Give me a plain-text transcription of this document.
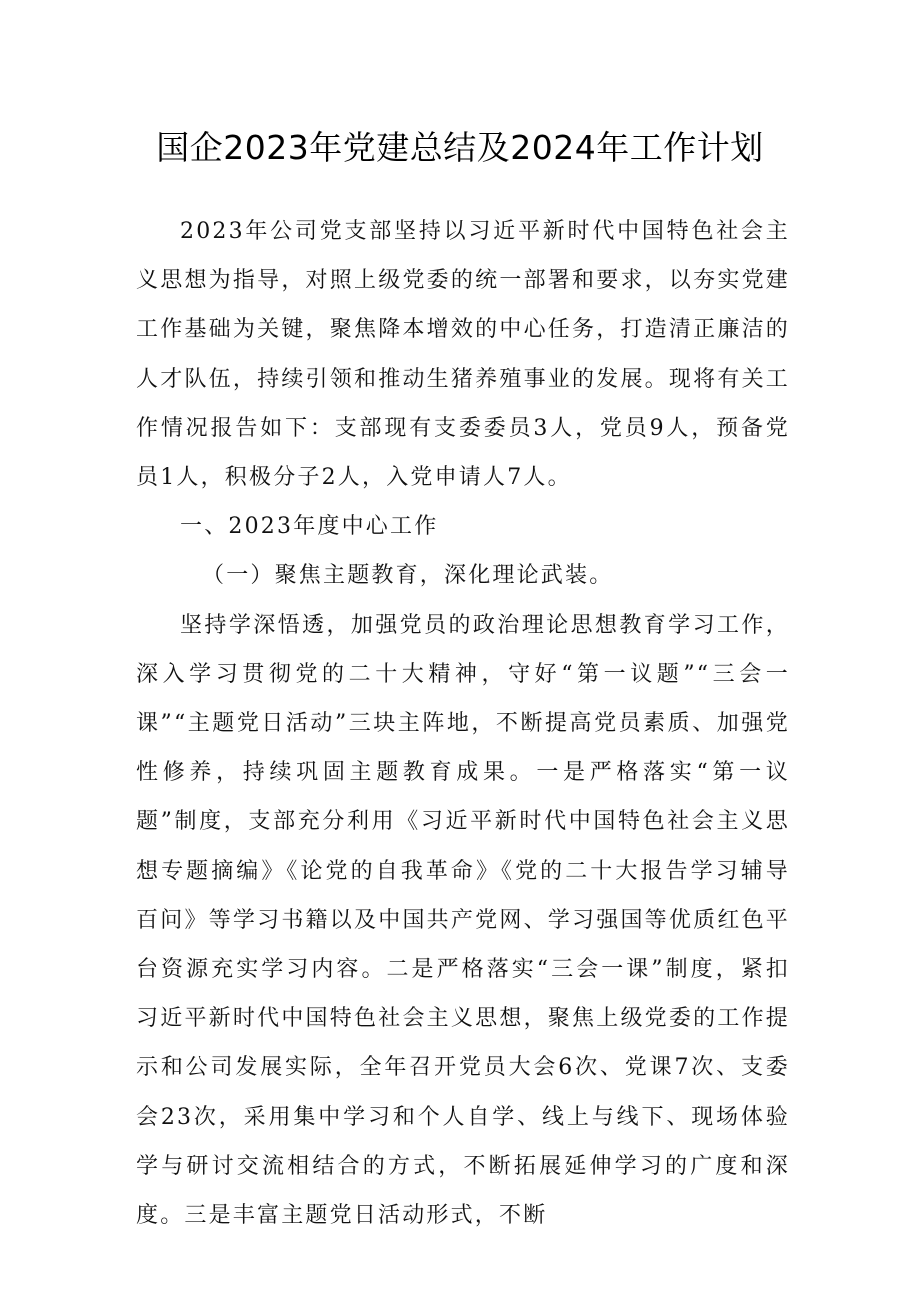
国企2023年党建总结及2024年工作计划

2023年公司党支部坚持以习近平新时代中国特色社会主义思想为指导，对照上级党委的统一部署和要求，以夯实党建工作基础为关键，聚焦降本增效的中心任务，打造清正廉洁的人才队伍，持续引领和推动生猪养殖事业的发展。现将有关工作情况报告如下：支部现有支委委员3人，党员9人，预备党员1人，积极分子2人，入党申请人7人。

一、2023年度中心工作

（一）聚焦主题教育，深化理论武装。

坚持学深悟透，加强党员的政治理论思想教育学习工作，深入学习贯彻党的二十大精神，守好“第一议题”“三会一课”“主题党日活动”三块主阵地，不断提高党员素质、加强党性修养，持续巩固主题教育成果。一是严格落实“第一议题”制度，支部充分利用《习近平新时代中国特色社会主义思想专题摘编》《论党的自我革命》《党的二十大报告学习辅导百问》等学习书籍以及中国共产党网、学习强国等优质红色平台资源充实学习内容。二是严格落实“三会一课”制度，紧扣习近平新时代中国特色社会主义思想，聚焦上级党委的工作提示和公司发展实际，全年召开党员大会6次、党课7次、支委会23次，采用集中学习和个人自学、线上与线下、现场体验学与研讨交流相结合的方式，不断拓展延伸学习的广度和深度。三是丰富主题党日活动形式，不断
